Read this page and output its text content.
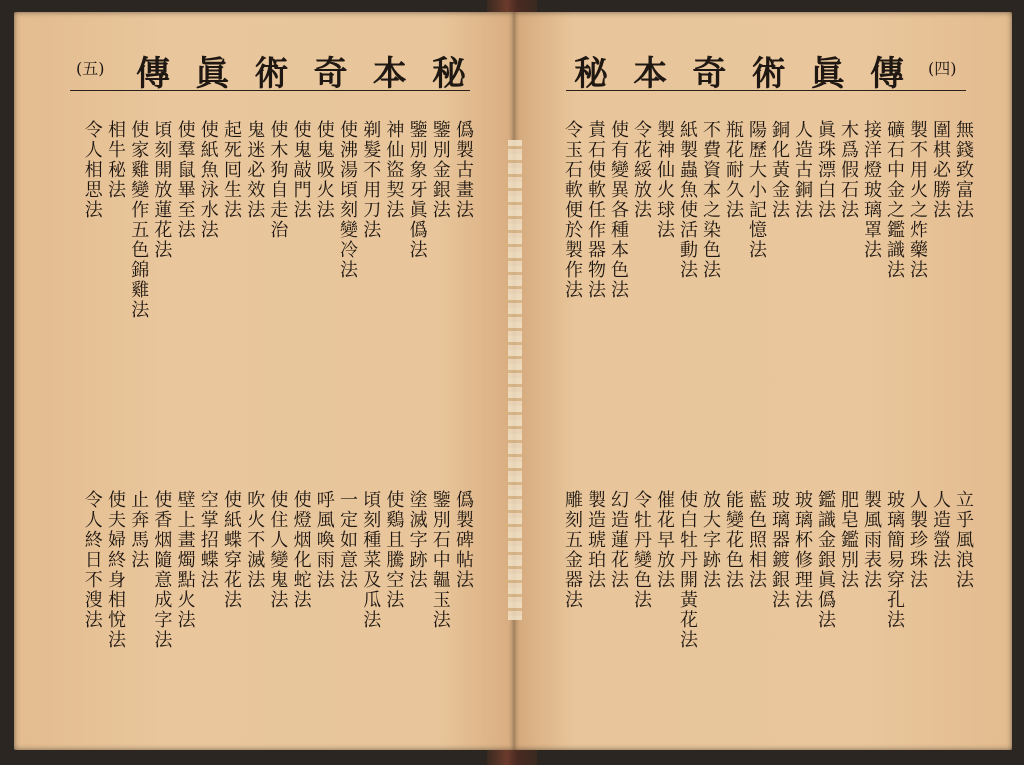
(五) 傳 眞 術 奇 本 秘
僞製古畫法
鑒別金銀法
鑒別象牙眞僞法
神仙盜契法
剃髮不用刀法
使沸湯頃刻變冷法
使鬼吸火法
使鬼敲門法
使木狗自走治
鬼迷必效法
起死囘生法
使紙魚泳水法
使羣鼠畢至法
頃刻開放蓮花法
使家雞變作五色錦雞法
相牛秘法
令人相思法
僞製碑帖法
鑒別石中韞玉法
塗滅字跡法
使鷄且騰空法
頃刻種菜及瓜法
一定如意法
呼風喚雨法
使燈烟化蛇法
使住人變鬼法
吹火不滅法
使紙蝶穿花法
空掌招蝶法
壁上畫燭點火法
使香烟隨意成字法
止奔馬法
使夫婦終身相悅法
令人終日不溲法
秘 本 奇 術 眞 傳 (四)
無錢致富法
圍棋必勝法
製不用火之炸藥法
礦石中金之鑑識法
接洋燈玻璃罩法
木爲假石法
眞珠漂白法
人造古銅法
銅化黃金法
陽歷大小記憶法
瓶花耐久法
不費資本之染色法
紙製蟲魚使活動法
製神仙火球法
令花綏放法
使有變異各種本色法
責石使軟任作器物法
令玉石軟便於製作法
立乎風浪法
人造螢法
人製珍珠法
玻璃簡易穿孔法
製風雨表法
肥皂鑑別法
鑑識金銀眞僞法
玻璃杯修理法
玻璃器鍍銀法
藍色照相法
能變花色法
放大字跡法
使白牡丹開黃花法
催花早放法
令牡丹變色法
幻造蓮花法
製造琥珀法
雕刻五金器法
